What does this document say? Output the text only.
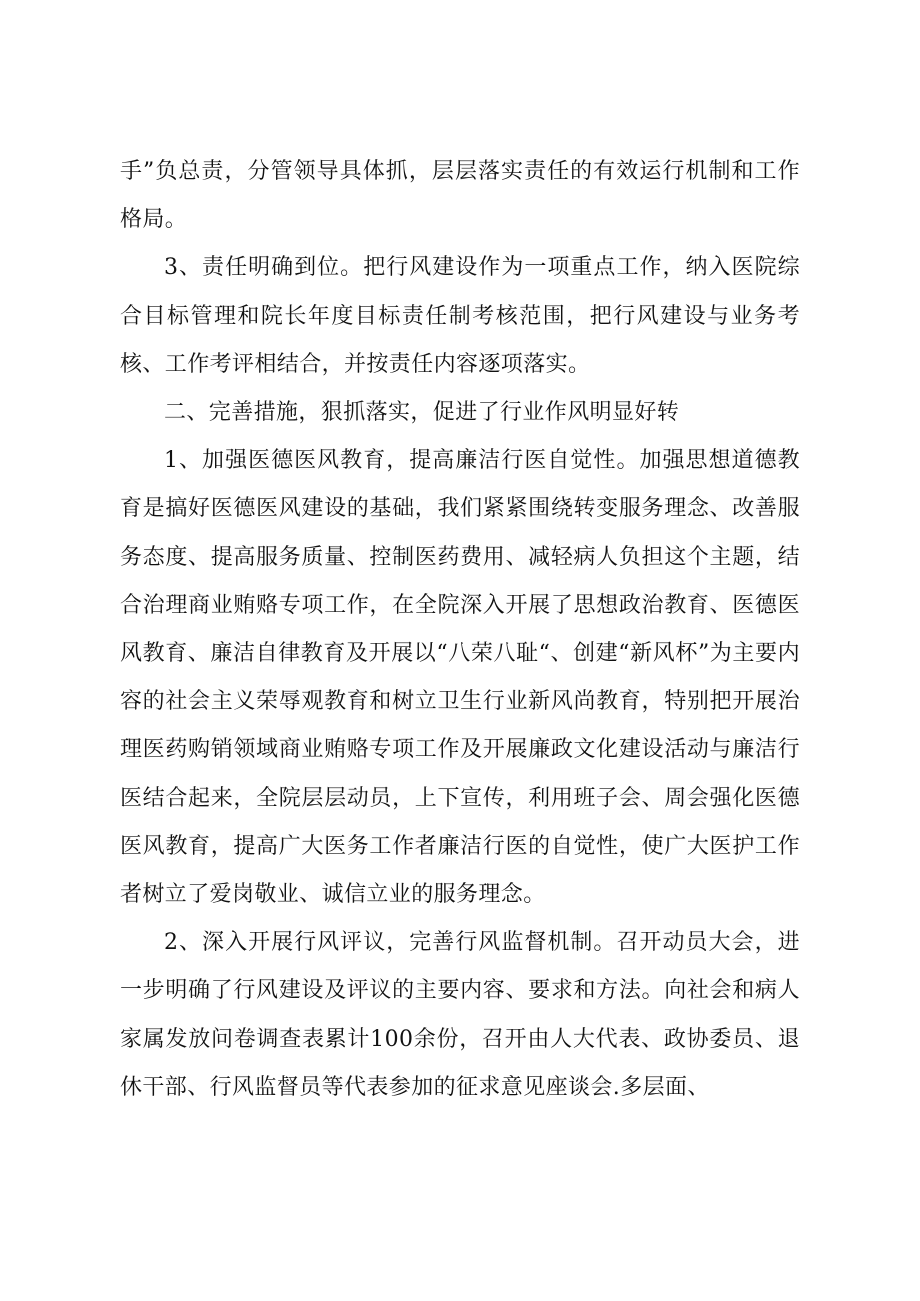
手”负总责，分管领导具体抓，层层落实责任的有效运行机制和工作格局。

3、责任明确到位。把行风建设作为一项重点工作，纳入医院综合目标管理和院长年度目标责任制考核范围，把行风建设与业务考核、工作考评相结合，并按责任内容逐项落实。

二、完善措施，狠抓落实，促进了行业作风明显好转

1、加强医德医风教育，提高廉洁行医自觉性。加强思想道德教育是搞好医德医风建设的基础，我们紧紧围绕转变服务理念、改善服务态度、提高服务质量、控制医药费用、减轻病人负担这个主题，结合治理商业贿赂专项工作，在全院深入开展了思想政治教育、医德医风教育、廉洁自律教育及开展以“八荣八耻“、创建“新风杯”为主要内容的社会主义荣辱观教育和树立卫生行业新风尚教育，特别把开展治理医药购销领域商业贿赂专项工作及开展廉政文化建设活动与廉洁行医结合起来，全院层层动员，上下宣传，利用班子会、周会强化医德医风教育，提高广大医务工作者廉洁行医的自觉性，使广大医护工作者树立了爱岗敬业、诚信立业的服务理念。

2、深入开展行风评议，完善行风监督机制。召开动员大会，进一步明确了行风建设及评议的主要内容、要求和方法。向社会和病人家属发放问卷调查表累计100余份，召开由人大代表、政协委员、退休干部、行风监督员等代表参加的征求意见座谈会.多层面、
